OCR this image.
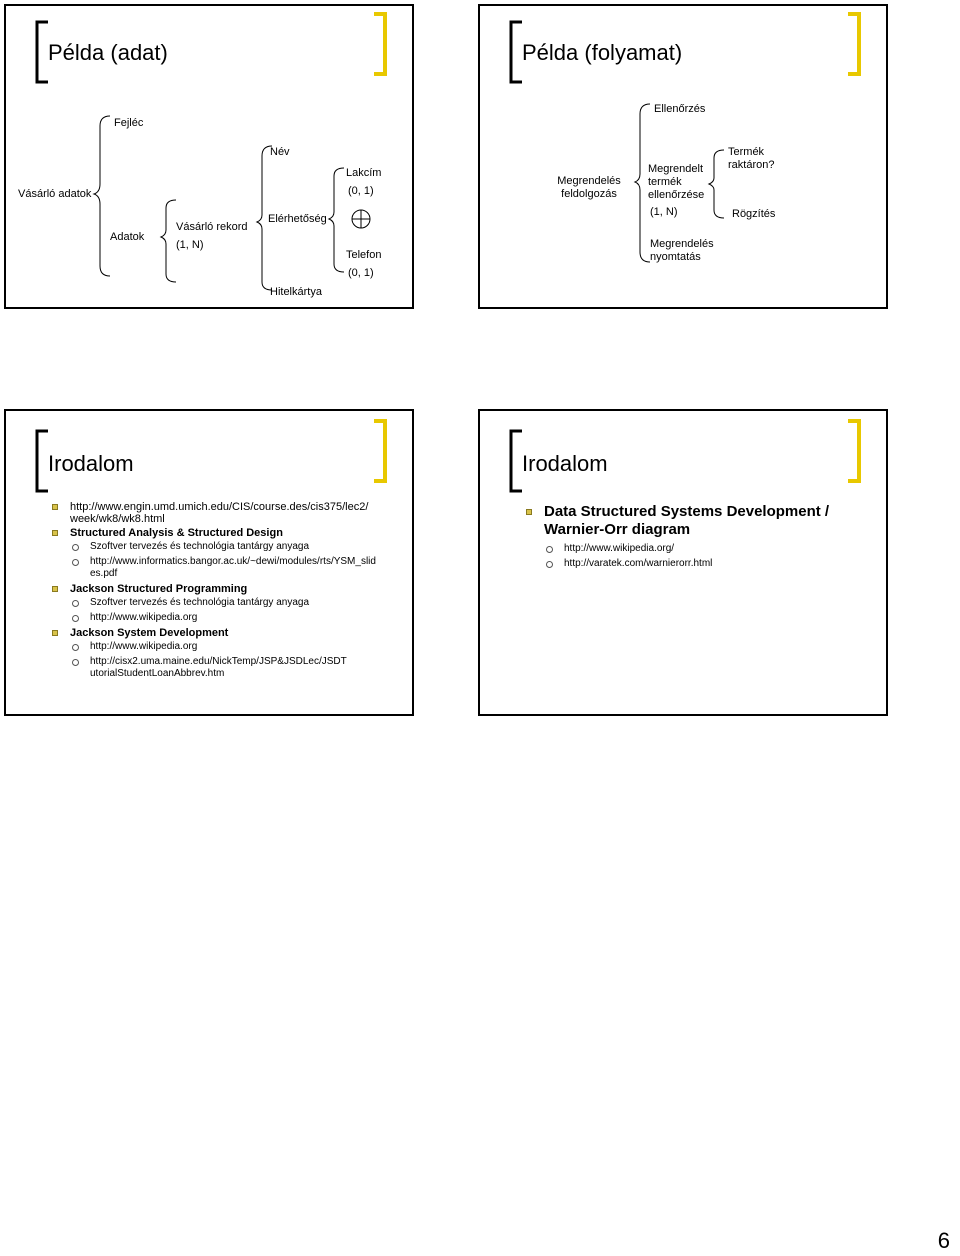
Példa (adat)
Vásárló adatok
Fejléc
Adatok
Vásárló rekord
(1, N)
Név
Elérhetőség
Hitelkártya
Lakcím
(0, 1)
Telefon
(0, 1)
Példa (folyamat)
Megrendelés feldolgozás
Ellenőrzés
Megrendelt termék ellenőrzése
(1, N)
Megrendelés nyomtatás
Termék raktáron?
Rögzítés
Irodalom
http://www.engin.umd.umich.edu/CIS/course.des/cis375/lec2/ week/wk8/wk8.html
Structured Analysis & Structured Design
Szoftver tervezés és technológia tantárgy anyaga
http://www.informatics.bangor.ac.uk/~dewi/modules/rts/YSM_slid es.pdf
Jackson Structured Programming
Szoftver tervezés és technológia tantárgy anyaga
http://www.wikipedia.org
Jackson System Development
http://www.wikipedia.org
http://cisx2.uma.maine.edu/NickTemp/JSP&JSDLec/JSDT utorialStudentLoanAbbrev.htm
Irodalom
Data Structured Systems Development / Warnier-Orr diagram
http://www.wikipedia.org/
http://varatek.com/warnierorr.html
6
